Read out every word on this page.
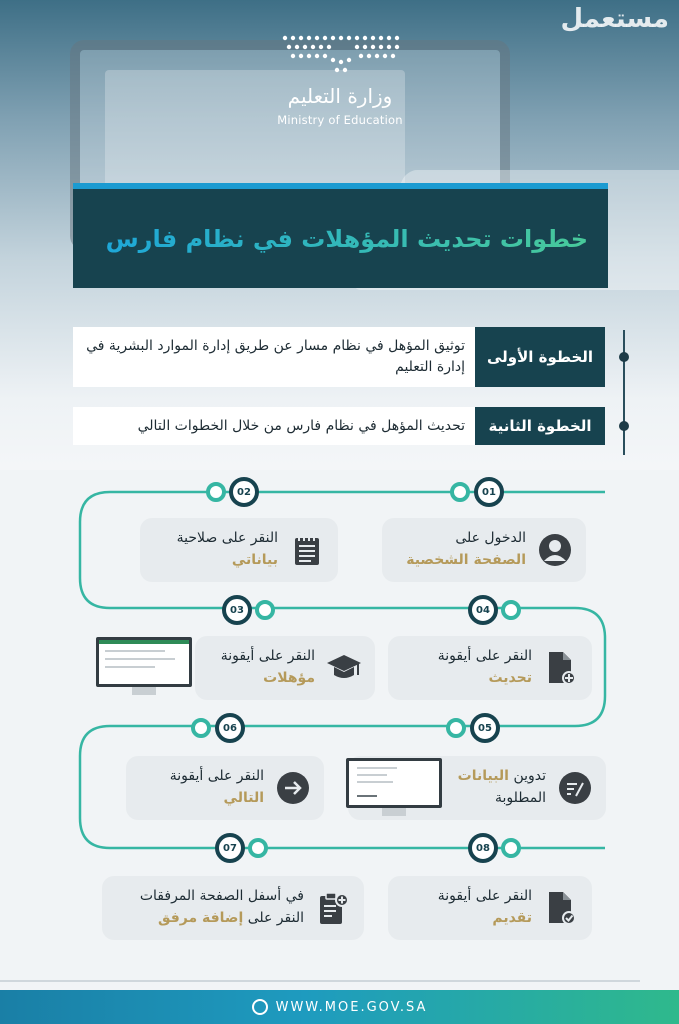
مستعمل
وزارة التعليم
Ministry of Education
خطوات تحديث المؤهلات في نظام فارس
توثيق المؤهل في نظام مسار عن طريق إدارة الموارد البشرية في إدارة التعليم
الخطوة الأولى
تحديث المؤهل في نظام فارس من خلال الخطوات التالي	الخطوة الثانية
01
02
03	04
05
06
07	08
الدخول على
الصفحة الشخصية
النقر على صلاحية
بياناتي
النقر على أيقونة
تحديث
النقر على أيقونة
مؤهلات
تدوين البيانات
المطلوبة
النقر على أيقونة
التالي
النقر على أيقونة
تقديم
في أسفل الصفحة المرفقات
النقر على إضافة مرفق
WWW.MOE.GOV.SA
